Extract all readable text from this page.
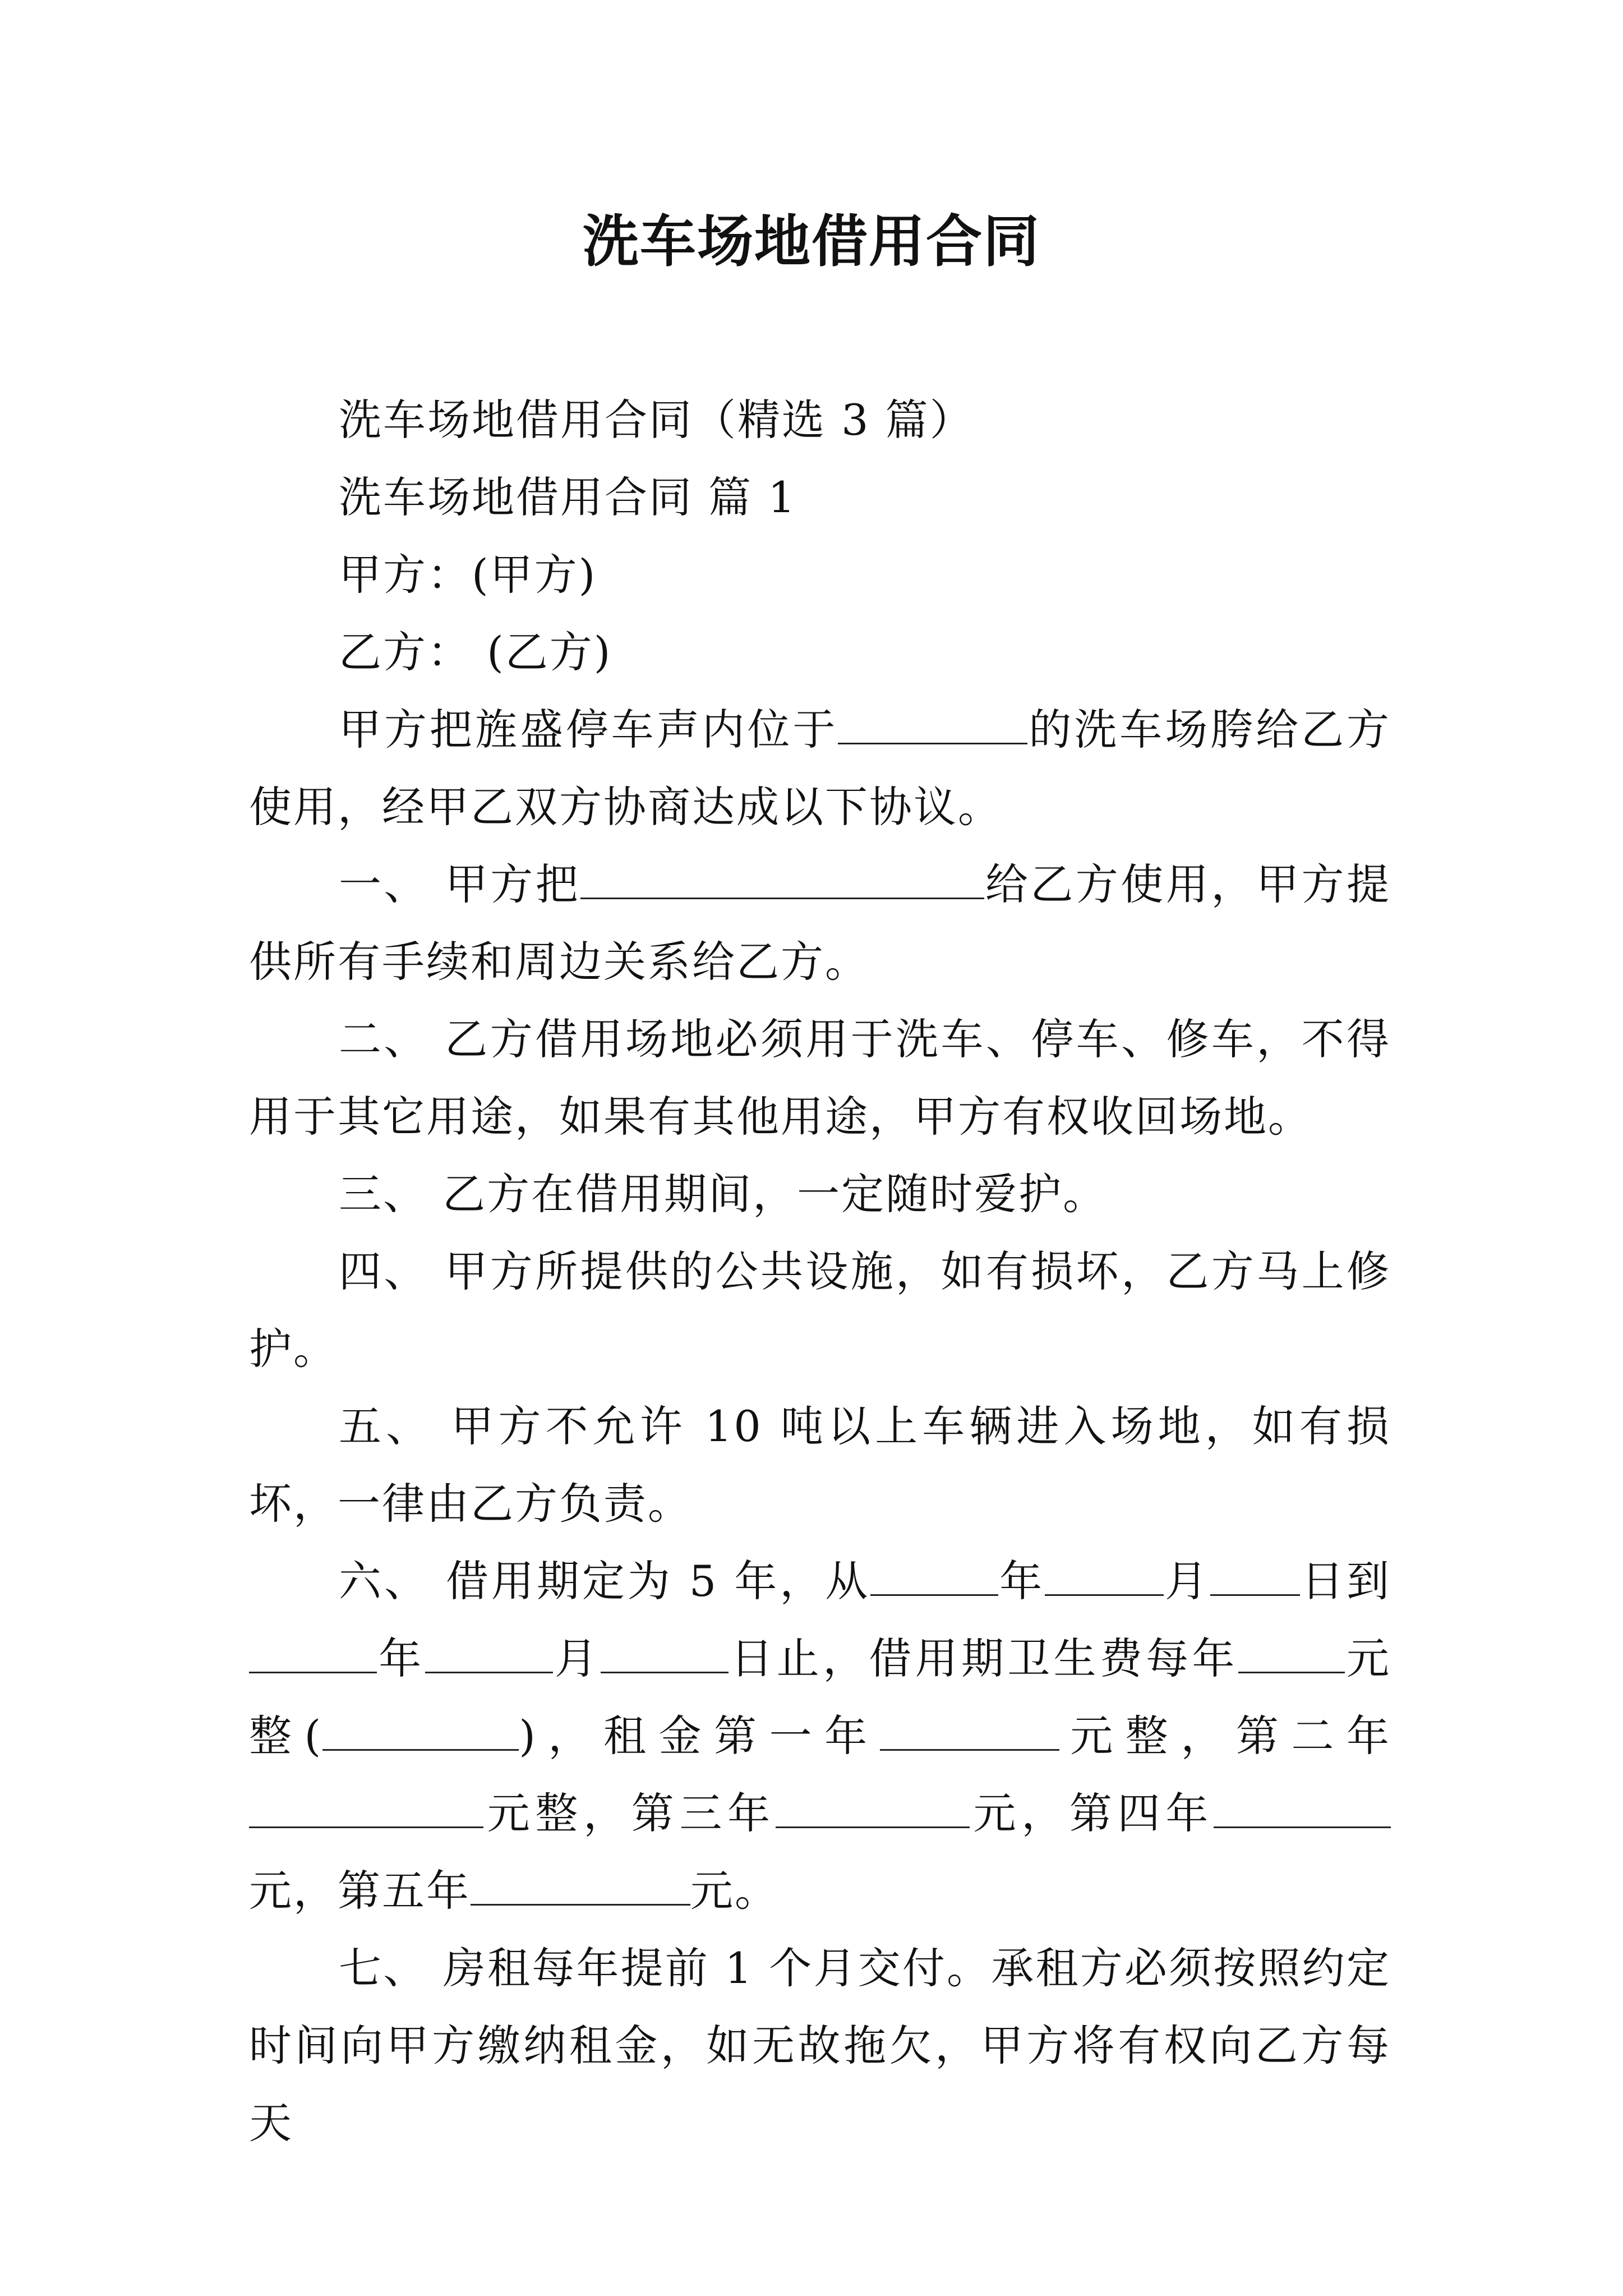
洗车场地借用合同

洗车场地借用合同（精选 3 篇）

洗车场地借用合同 篇 1

甲方：(甲方)

乙方： (乙方)

甲方把旌盛停车声内位于	的洗车场胯给乙方使用，经甲乙双方协商达成以下协议。

一、 甲方把	给乙方使用，甲方提供所有手续和周边关系给乙方。

二、 乙方借用场地必须用于洗车、停车、修车，不得用于其它用途，如果有其他用途，甲方有权收回场地。

三、 乙方在借用期间，一定随时爱护。

四、 甲方所提供的公共设施，如有损坏，乙方马上修护。

五、 甲方不允许 10 吨以上车辆进入场地，如有损坏，一律由乙方负责。

六、 借用期定为 5 年，从	年	月 日到年	月	日止，借用期卫生费每年	元整(	)，租金第一年	元整，第二年元整，第三年	元，第四年元，第五年	元。

七、 房租每年提前 1 个月交付。承租方必须按照约定时间向甲方缴纳租金，如无故拖欠，甲方将有权向乙方每天
